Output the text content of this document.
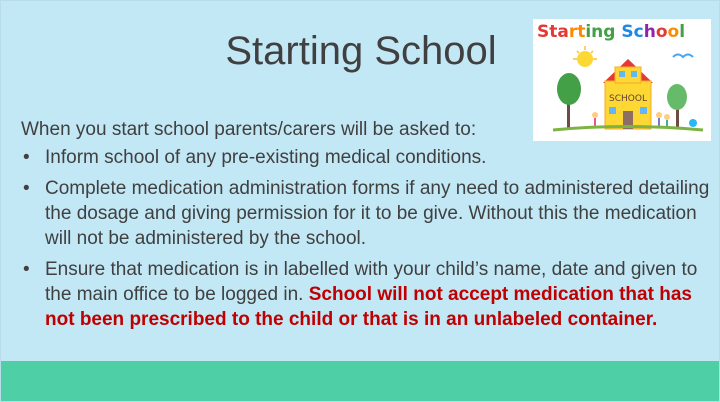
Starting School	Starting School
SCHOOL
When you start school parents/carers will be asked to:
• Inform school of any pre-existing medical conditions.
• Complete medication administration forms if any need to administered detailing the dosage and giving permission for it to be give. Without this the medication will not be administered by the school.
• Ensure that medication is in labelled with your child’s name, date and given to the main office to be logged in. School will not accept medication that has not been prescribed to the child or that is in an unlabeled container.
